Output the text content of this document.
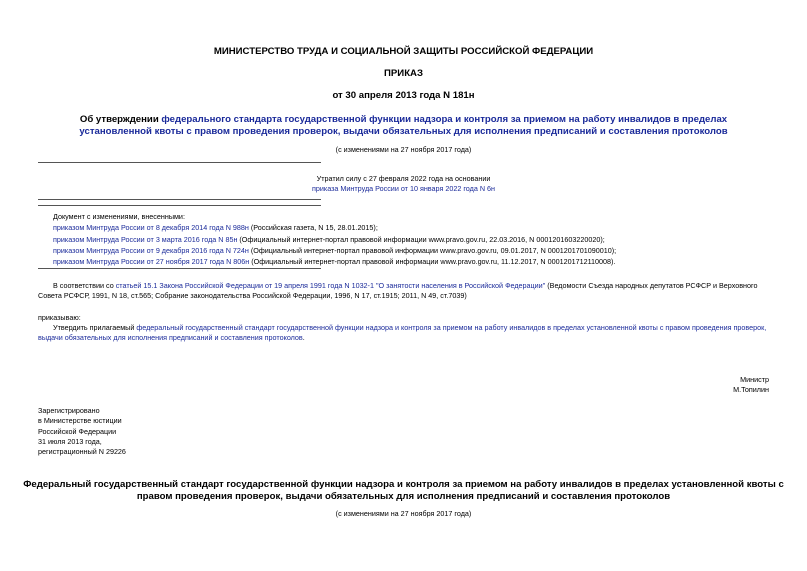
МИНИСТЕРСТВО ТРУДА И СОЦИАЛЬНОЙ ЗАЩИТЫ РОССИЙСКОЙ ФЕДЕРАЦИИ
ПРИКАЗ
от 30 апреля 2013 года N 181н
Об утверждении федерального стандарта государственной функции надзора и контроля за приемом на работу инвалидов в пределах
установленной квоты с правом проведения проверок, выдачи обязательных для исполнения предписаний и составления протоколов
(с изменениями на 27 ноября 2017 года)
Утратил силу с 27 февраля 2022 года на основании
приказа Минтруда России от 10 января 2022 года N 6н
Документ с изменениями, внесенными:
приказом Минтруда России от 8 декабря 2014 года N 988н (Российская газета, N 15, 28.01.2015);
приказом Минтруда России от 3 марта 2016 года N 85н (Официальный интернет-портал правовой информации www.pravo.gov.ru, 22.03.2016, N 0001201603220020);
приказом Минтруда России от 9 декабря 2016 года N 724н (Официальный интернет-портал правовой информации www.pravo.gov.ru, 09.01.2017, N 0001201701090010);
приказом Минтруда России от 27 ноября 2017 года N 806н (Официальный интернет-портал правовой информации www.pravo.gov.ru, 11.12.2017, N 0001201712110008).
В соответствии со статьей 15.1 Закона Российской Федерации от 19 апреля 1991 года N 1032-1 "О занятости населения в Российской Федерации" (Ведомости Съезда народных депутатов РСФСР и Верховного
Совета РСФСР, 1991, N 18, ст.565; Собрание законодательства Российской Федерации, 1996, N 17, ст.1915; 2011, N 49, ст.7039)
приказываю:
Утвердить прилагаемый федеральный государственный стандарт государственной функции надзора и контроля за приемом на работу инвалидов в пределах установленной квоты с правом проведения проверок,
выдачи обязательных для исполнения предписаний и составления протоколов.
Министр
М.Топилин
Зарегистрировано
в Министерстве юстиции
Российской Федерации
31 июля 2013 года,
регистрационный N 29226
Федеральный государственный стандарт государственной функции надзора и контроля за приемом на работу инвалидов в пределах установленной квоты с
правом проведения проверок, выдачи обязательных для исполнения предписаний и составления протоколов
(с изменениями на 27 ноября 2017 года)
